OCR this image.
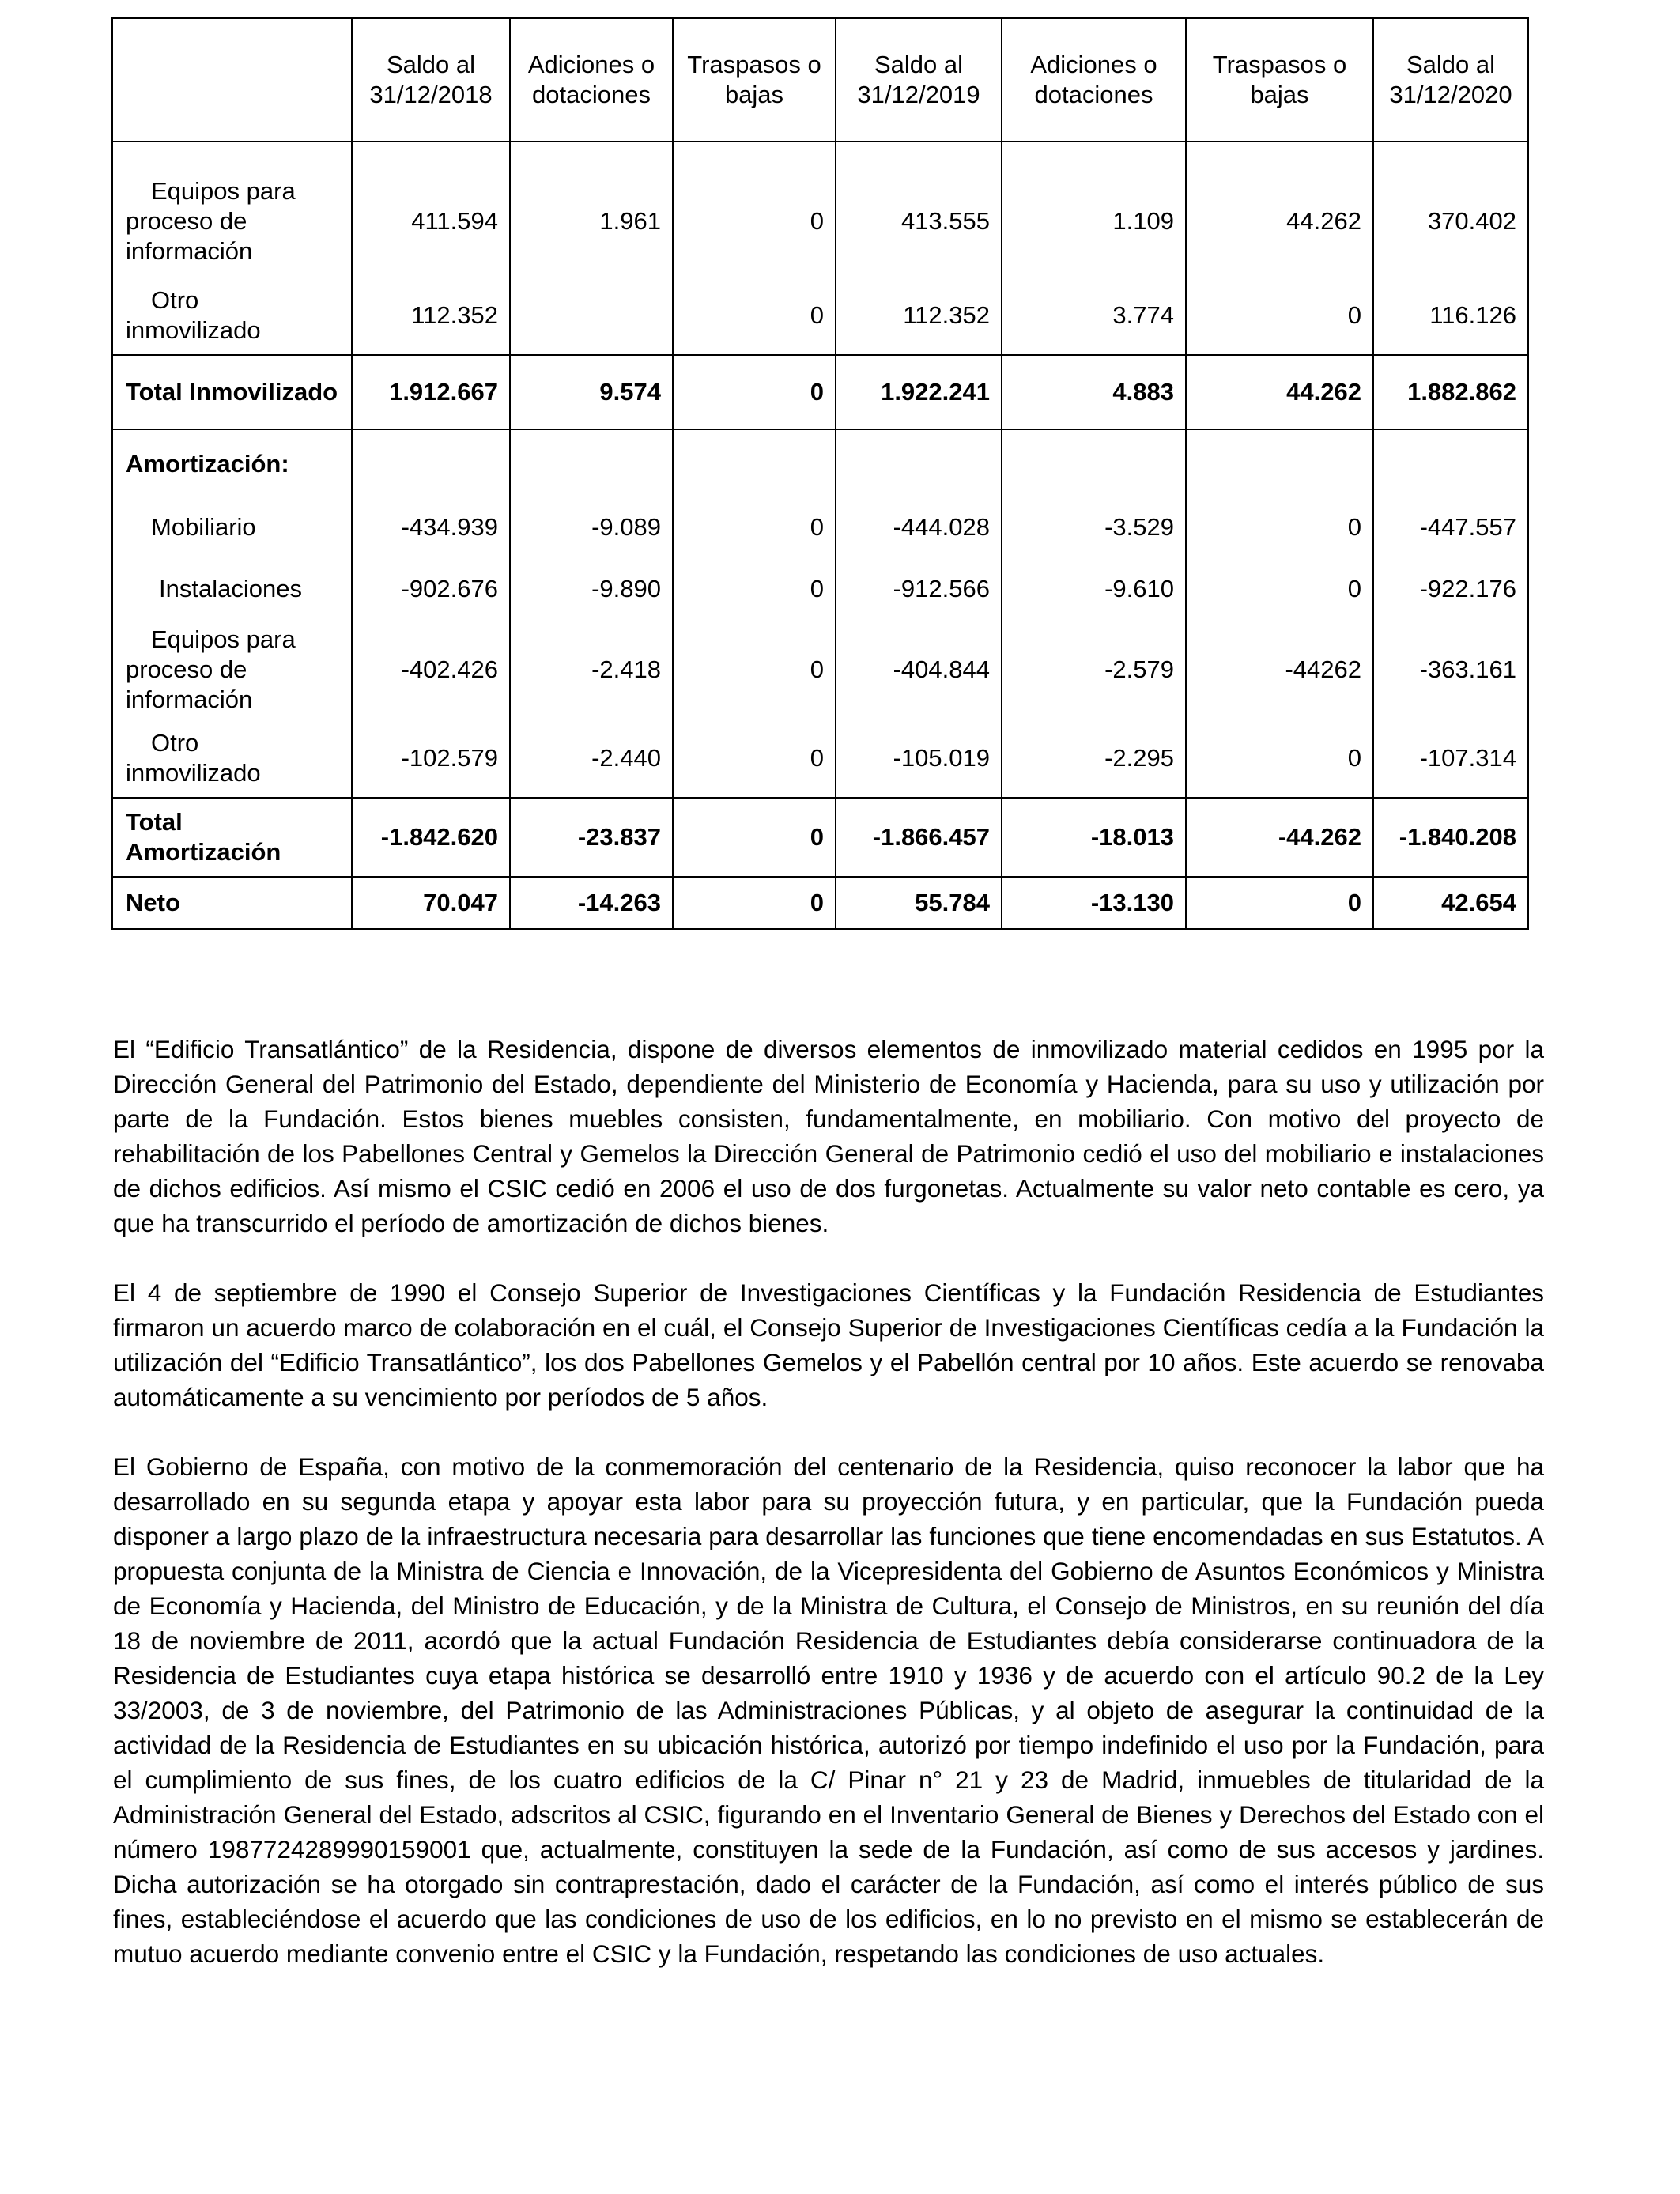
	Saldo al 31/12/2018	Adiciones o dotaciones	Traspasos o bajas	Saldo al 31/12/2019	Adiciones o dotaciones	Traspasos o bajas	Saldo al 31/12/2020
Equipos para proceso de información	411.594	1.961	0	413.555	1.109	44.262	370.402
Otro inmovilizado	112.352		0	112.352	3.774	0	116.126
Total Inmovilizado	1.912.667	9.574	0	1.922.241	4.883	44.262	1.882.862
Amortización:							
Mobiliario	-434.939	-9.089	0	-444.028	-3.529	0	-447.557
Instalaciones	-902.676	-9.890	0	-912.566	-9.610	0	-922.176
Equipos para proceso de información	-402.426	-2.418	0	-404.844	-2.579	-44262	-363.161
Otro inmovilizado	-102.579	-2.440	0	-105.019	-2.295	0	-107.314
Total Amortización	-1.842.620	-23.837	0	-1.866.457	-18.013	-44.262	-1.840.208
Neto	70.047	-14.263	0	55.784	-13.130	0	42.654

El “Edificio Transatlántico” de la Residencia, dispone de diversos elementos de inmovilizado material cedidos en 1995 por la Dirección General del Patrimonio del Estado, dependiente del Ministerio de Economía y Hacienda, para su uso y utilización por parte de la Fundación. Estos bienes muebles consisten, fundamentalmente, en mobiliario. Con motivo del proyecto de rehabilitación de los Pabellones Central y Gemelos la Dirección General de Patrimonio cedió el uso del mobiliario e instalaciones de dichos edificios. Así mismo el CSIC cedió en 2006 el uso de dos furgonetas. Actualmente su valor neto contable es cero, ya que ha transcurrido el período de amortización de dichos bienes.

El 4 de septiembre de 1990 el Consejo Superior de Investigaciones Científicas y la Fundación Residencia de Estudiantes firmaron un acuerdo marco de colaboración en el cuál, el Consejo Superior de Investigaciones Científicas cedía a la Fundación la utilización del “Edificio Transatlántico”, los dos Pabellones Gemelos y el Pabellón central por 10 años. Este acuerdo se renovaba automáticamente a su vencimiento por períodos de 5 años.

El Gobierno de España, con motivo de la conmemoración del centenario de la Residencia, quiso reconocer la labor que ha desarrollado en su segunda etapa y apoyar esta labor para su proyección futura, y en particular, que la Fundación pueda disponer a largo plazo de la infraestructura necesaria para desarrollar las funciones que tiene encomendadas en sus Estatutos. A propuesta conjunta de la Ministra de Ciencia e Innovación, de la Vicepresidenta del Gobierno de Asuntos Económicos y Ministra de Economía y Hacienda, del Ministro de Educación, y de la Ministra de Cultura, el Consejo de Ministros, en su reunión del día 18 de noviembre de 2011, acordó que la actual Fundación Residencia de Estudiantes debía considerarse continuadora de la Residencia de Estudiantes cuya etapa histórica se desarrolló entre 1910 y 1936 y de acuerdo con el artículo 90.2 de la Ley 33/2003, de 3 de noviembre, del Patrimonio de las Administraciones Públicas, y al objeto de asegurar la continuidad de la actividad de la Residencia de Estudiantes en su ubicación histórica, autorizó por tiempo indefinido el uso por la Fundación, para el cumplimiento de sus fines, de los cuatro edificios de la C/ Pinar n° 21 y 23 de Madrid, inmuebles de titularidad de la Administración General del Estado, adscritos al CSIC, figurando en el Inventario General de Bienes y Derechos del Estado con el número 1987724289990159001 que, actualmente, constituyen la sede de la Fundación, así como de sus accesos y jardines. Dicha autorización se ha otorgado sin contraprestación, dado el carácter de la Fundación, así como el interés público de sus fines, estableciéndose el acuerdo que las condiciones de uso de los edificios, en lo no previsto en el mismo se establecerán de mutuo acuerdo mediante convenio entre el CSIC y la Fundación, respetando las condiciones de uso actuales.
